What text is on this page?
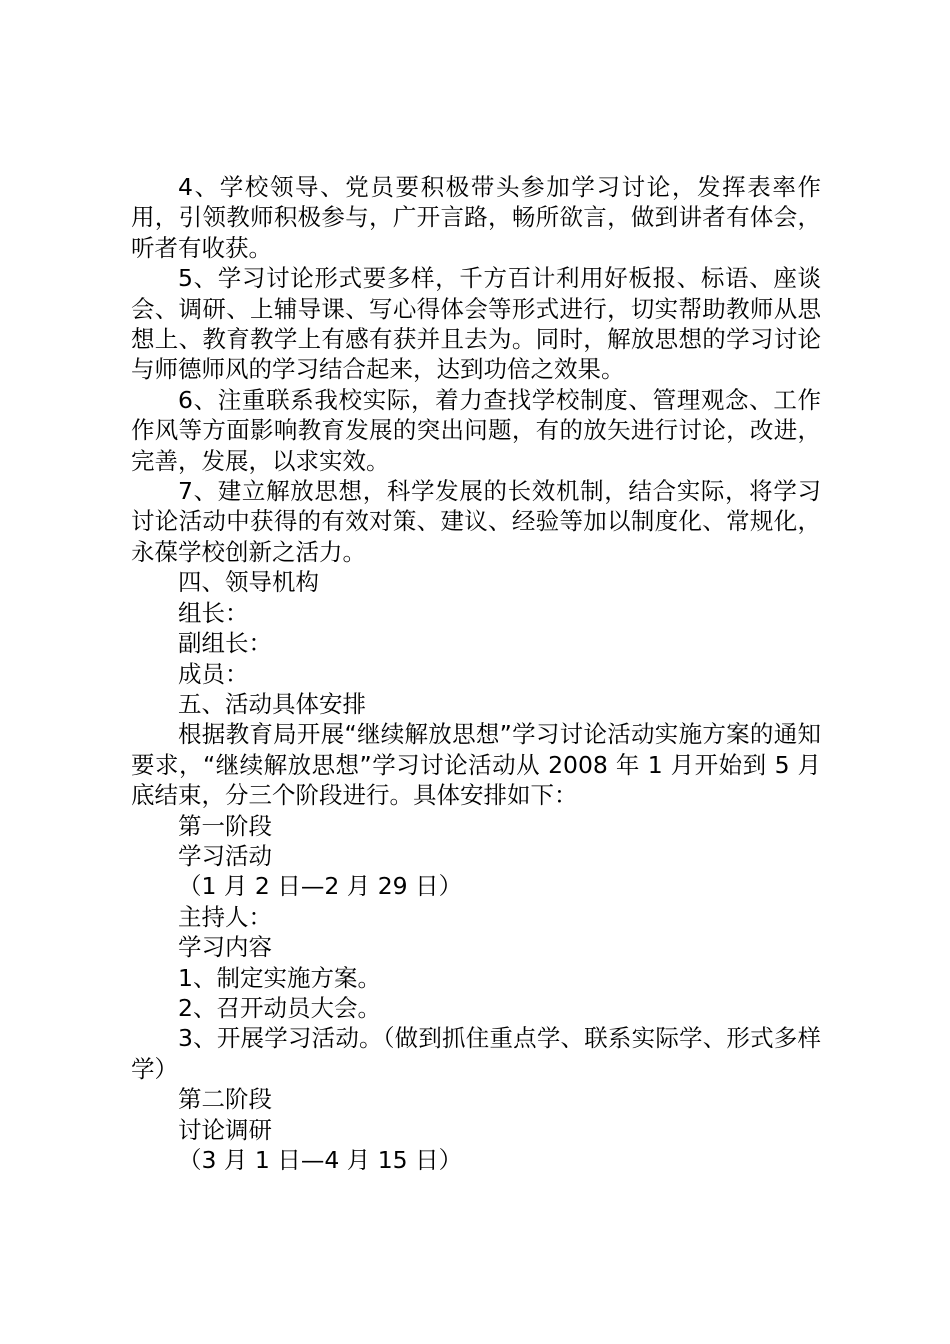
4、学校领导、党员要积极带头参加学习讨论，发挥表率作用，引领教师积极参与，广开言路，畅所欲言，做到讲者有体会，听者有收获。

5、学习讨论形式要多样，千方百计利用好板报、标语、座谈会、调研、上辅导课、写心得体会等形式进行，切实帮助教师从思想上、教育教学上有感有获并且去为。同时，解放思想的学习讨论与师德师风的学习结合起来，达到功倍之效果。

6、注重联系我校实际，着力查找学校制度、管理观念、工作作风等方面影响教育发展的突出问题，有的放矢进行讨论，改进，完善，发展，以求实效。

7、建立解放思想，科学发展的长效机制，结合实际，将学习讨论活动中获得的有效对策、建议、经验等加以制度化、常规化，永葆学校创新之活力。

四、领导机构

组长：

副组长：

成员：

五、活动具体安排

根据教育局开展“继续解放思想”学习讨论活动实施方案的通知要求，“继续解放思想”学习讨论活动从 2008 年 1 月开始到 5 月底结束，分三个阶段进行。具体安排如下：

第一阶段

学习活动

（1 月 2 日—2 月 29 日）

主持人：

学习内容

1、制定实施方案。

2、召开动员大会。

3、开展学习活动。（做到抓住重点学、联系实际学、形式多样学）

第二阶段

讨论调研

（3 月 1 日—4 月 15 日）
